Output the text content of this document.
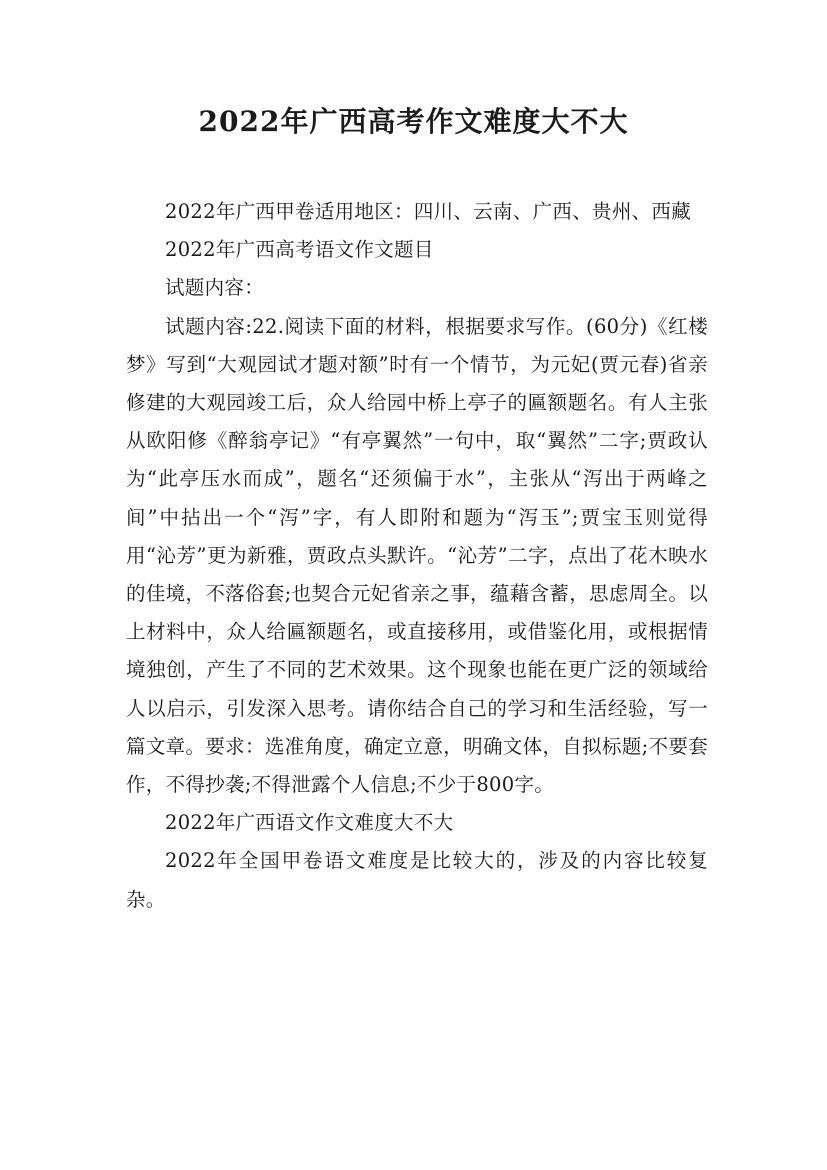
2022年广西高考作文难度大不大

2022年广西甲卷适用地区：四川、云南、广西、贵州、西藏

2022年广西高考语文作文题目

试题内容：

试题内容:22.阅读下面的材料，根据要求写作。(60分)《红楼梦》写到“大观园试才题对额”时有一个情节，为元妃(贾元春)省亲修建的大观园竣工后，众人给园中桥上亭子的匾额题名。有人主张从欧阳修《醉翁亭记》“有亭翼然”一句中，取“翼然”二字;贾政认为“此亭压水而成”，题名“还须偏于水”，主张从“泻出于两峰之间”中拈出一个“泻”字，有人即附和题为“泻玉”;贾宝玉则觉得用“沁芳”更为新雅，贾政点头默许。“沁芳”二字，点出了花木映水的佳境，不落俗套;也契合元妃省亲之事，蕴藉含蓄，思虑周全。以上材料中，众人给匾额题名，或直接移用，或借鉴化用，或根据情境独创，产生了不同的艺术效果。这个现象也能在更广泛的领域给人以启示，引发深入思考。请你结合自己的学习和生活经验，写一篇文章。要求：选准角度，确定立意，明确文体，自拟标题;不要套作，不得抄袭;不得泄露个人信息;不少于800字。

2022年广西语文作文难度大不大

2022年全国甲卷语文难度是比较大的，涉及的内容比较复杂。
